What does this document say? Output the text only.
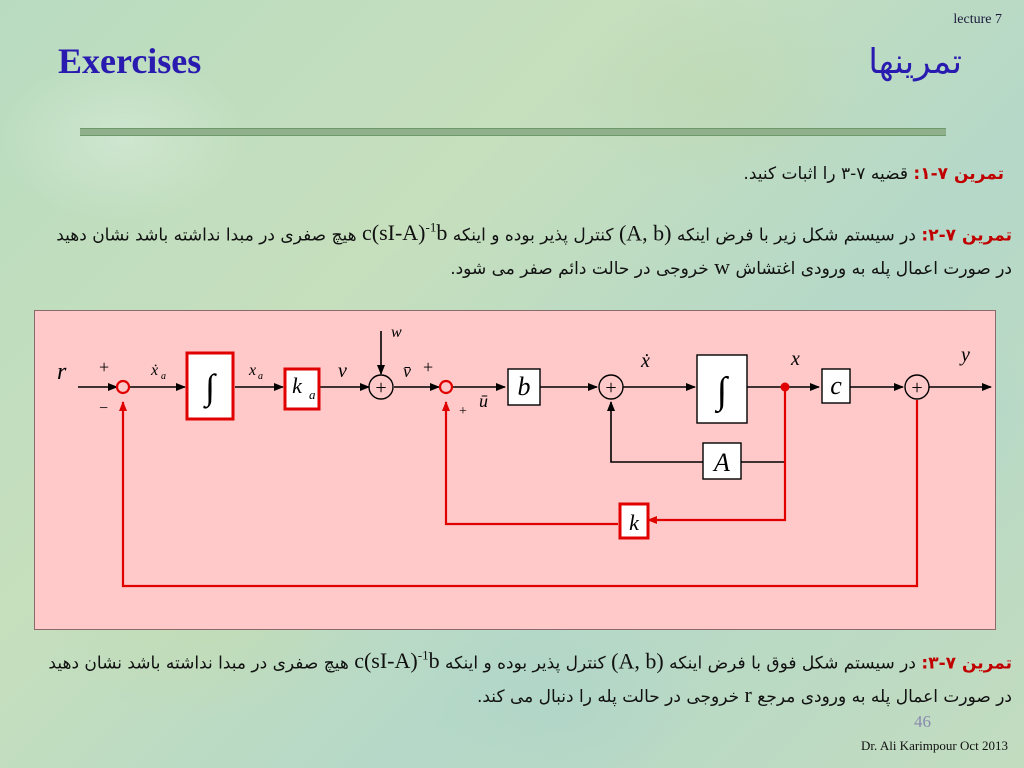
lecture 7
Exercises	تمرینها
تمرین ۷-۱: قضیه ۷-۳ را اثبات کنید.
تمرین ۷-۲: در سیستم شکل زیر با فرض اینکه (A, b) کنترل پذیر بوده و اینکه $c(sI-A)^{-1}b$ هیچ صفری در مبدا نداشته باشد نشان دهید در صورت اعمال پله به ورودی اغتشاش w خروجی در حالت دائم صفر می شود.
∫	k a	b	∫	c
A
k
+	+	+
r +
−
ẋ a	x a	v
w
v̄ +
+
ū
ẋ	x	y
تمرین ۷-۳: در سیستم شکل فوق با فرض اینکه (A, b) کنترل پذیر بوده و اینکه $c(sI-A)^{-1}b$ هیچ صفری در مبدا نداشته باشد نشان دهید در صورت اعمال پله به ورودی مرجع r خروجی در حالت پله را دنبال می کند.
46
Dr. Ali Karimpour Oct 2013
